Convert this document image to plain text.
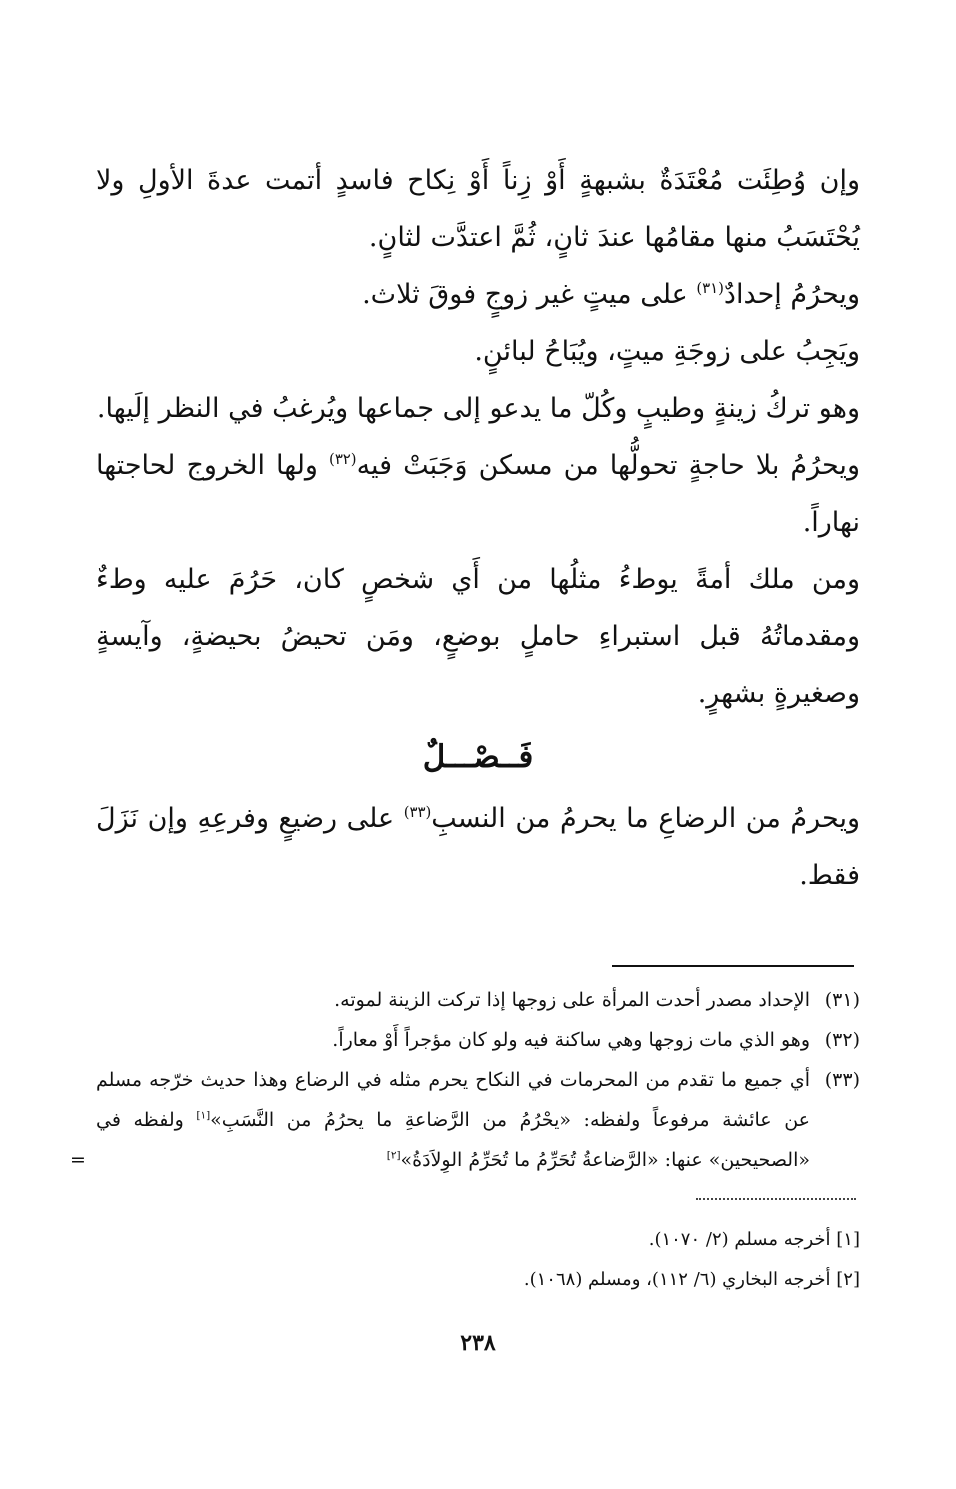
وإن وُطِئَت مُعْتَدَةٌ بشبهةٍ أَوْ زِناً أَوْ نِكاح فاسدٍ أتمت عدةَ الأولِ ولا يُحْتَسَبُ منها مقامُها عندَ ثانٍ، ثُمَّ اعتدَّت لثانٍ.

ويحرُمُ إحدادٌ$^{(٣١)}$ على ميتٍ غير زوجٍ فوقَ ثلاث.

ويَجِبُ على زوجَةِ ميتٍ، ويُبَاحُ لبائنٍ.

وهو تركُ زينةٍ وطيبٍ وكُلّ ما يدعو إلى جماعها ويُرغبُ في النظر إلَيها.

ويحرُمُ بلا حاجةٍ تحولُّها من مسكن وَجَبَتْ فيه$^{(٣٢)}$ ولها الخروج لحاجتها نهاراً.

ومن ملك أمةً يوطءُ مثلُها من أَي شخصٍ كان، حَرُمَ عليه وطءٌ ومقدماتُهُ قبل استبراءِ حاملٍ بوضعٍ، ومَن تحيضُ بحيضةٍ، وآيسةٍ وصغيرةٍ بشهرٍ.

فَــصْـــلٌ

ويحرمُ من الرضاعِ ما يحرمُ من النسبِ$^{(٣٣)}$ على رضيعٍ وفرعِهِ وإن نَزَلَ فقط.

(٣١)
الإحداد مصدر أحدت المرأة على زوجها إذا تركت الزينة لموته.
(٣٢)
وهو الذي مات زوجها وهي ساكنة فيه ولو كان مؤجراً أَوْ معاراً.
(٣٣)
أي جميع ما تقدم من المحرمات في النكاح يحرم مثله في الرضاع وهذا حديث خرّجه مسلم عن عائشة مرفوعاً ولفظه: «يحْرُمُ من الرَّضاعةِ ما يحرُمُ من النَّسَبِ»[١] ولفظه في «الصحيحين» عنها: «الرَّضاعةُ تُحَرِّمُ ما تُحَرِّمُ الوِلاَدَةُ»[٢]
=

[١] أخرجه مسلم (٢/ ١٠٧٠).

[٢] أخرجه البخاري (٦/ ١١٢)، ومسلم (١٠٦٨).

٢٣٨
